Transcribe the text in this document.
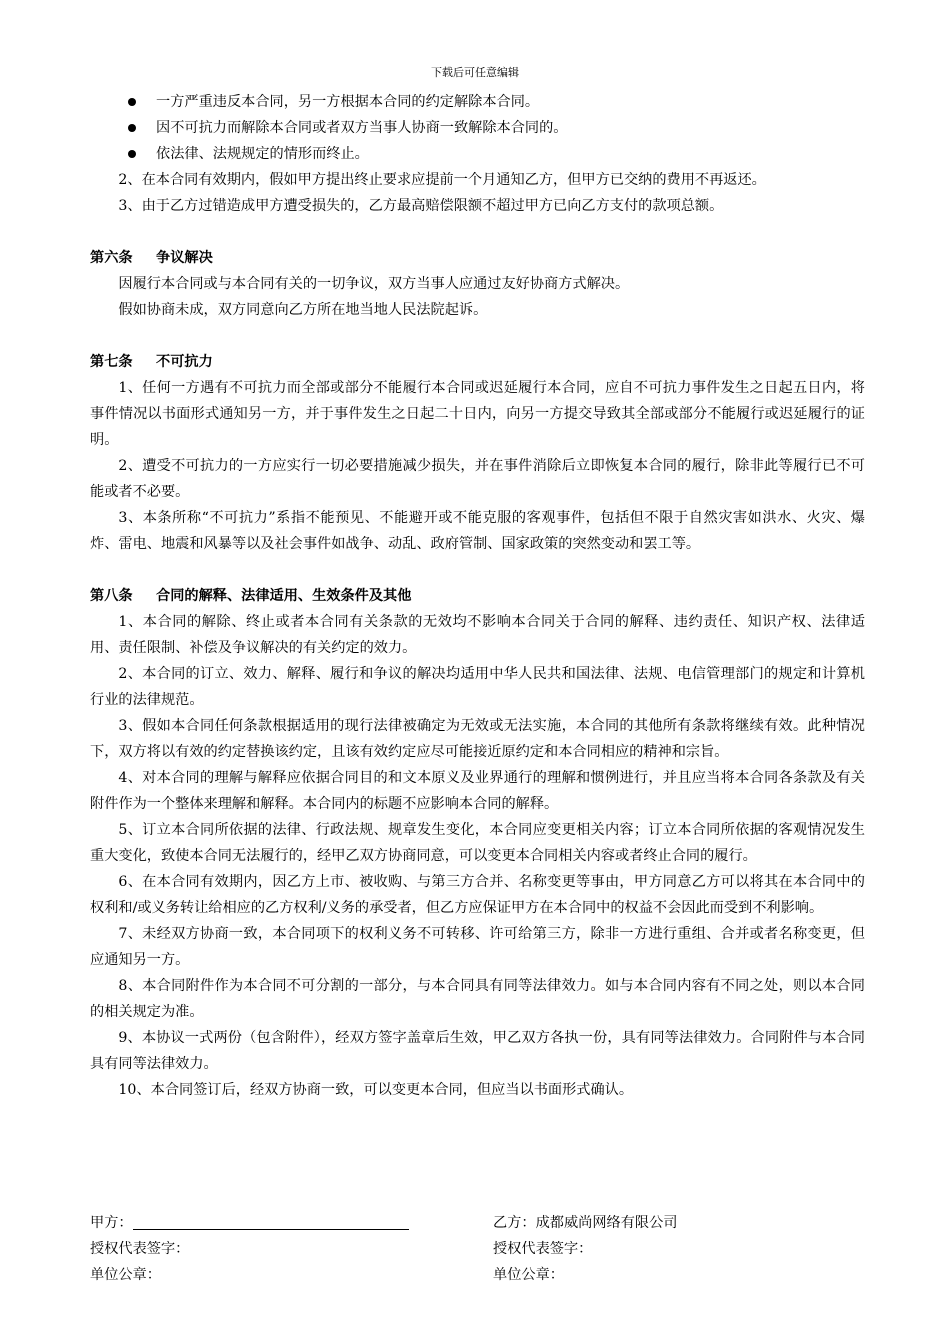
下载后可任意编辑
一方严重违反本合同，另一方根据本合同的约定解除本合同。
因不可抗力而解除本合同或者双方当事人协商一致解除本合同的。
依法律、法规规定的情形而终止。

2、在本合同有效期内，假如甲方提出终止要求应提前一个月通知乙方，但甲方已交纳的费用不再返还。

3、由于乙方过错造成甲方遭受损失的，乙方最高赔偿限额不超过甲方已向乙方支付的款项总额。

第六条 争议解决

因履行本合同或与本合同有关的一切争议，双方当事人应通过友好协商方式解决。

假如协商未成，双方同意向乙方所在地当地人民法院起诉。

第七条 不可抗力

1、任何一方遇有不可抗力而全部或部分不能履行本合同或迟延履行本合同，应自不可抗力事件发生之日起五日内，将事件情况以书面形式通知另一方，并于事件发生之日起二十日内，向另一方提交导致其全部或部分不能履行或迟延履行的证明。

2、遭受不可抗力的一方应实行一切必要措施减少损失，并在事件消除后立即恢复本合同的履行，除非此等履行已不可能或者不必要。

3、本条所称“不可抗力”系指不能预见、不能避开或不能克服的客观事件，包括但不限于自然灾害如洪水、火灾、爆炸、雷电、地震和风暴等以及社会事件如战争、动乱、政府管制、国家政策的突然变动和罢工等。

第八条 合同的解释、法律适用、生效条件及其他

1、本合同的解除、终止或者本合同有关条款的无效均不影响本合同关于合同的解释、违约责任、知识产权、法律适用、责任限制、补偿及争议解决的有关约定的效力。

2、本合同的订立、效力、解释、履行和争议的解决均适用中华人民共和国法律、法规、电信管理部门的规定和计算机行业的法律规范。

3、假如本合同任何条款根据适用的现行法律被确定为无效或无法实施，本合同的其他所有条款将继续有效。此种情况下，双方将以有效的约定替换该约定，且该有效约定应尽可能接近原约定和本合同相应的精神和宗旨。

4、对本合同的理解与解释应依据合同目的和文本原义及业界通行的理解和惯例进行，并且应当将本合同各条款及有关附件作为一个整体来理解和解释。本合同内的标题不应影响本合同的解释。

5、订立本合同所依据的法律、行政法规、规章发生变化，本合同应变更相关内容；订立本合同所依据的客观情况发生重大变化，致使本合同无法履行的，经甲乙双方协商同意，可以变更本合同相关内容或者终止合同的履行。

6、在本合同有效期内，因乙方上市、被收购、与第三方合并、名称变更等事由，甲方同意乙方可以将其在本合同中的权利和/或义务转让给相应的乙方权利/义务的承受者，但乙方应保证甲方在本合同中的权益不会因此而受到不利影响。

7、未经双方协商一致，本合同项下的权利义务不可转移、许可给第三方，除非一方进行重组、合并或者名称变更，但应通知另一方。

8、本合同附件作为本合同不可分割的一部分，与本合同具有同等法律效力。如与本合同内容有不同之处，则以本合同的相关规定为准。

9、本协议一式两份（包含附件），经双方签字盖章后生效，甲乙双方各执一份，具有同等法律效力。合同附件与本合同具有同等法律效力。

10、本合同签订后，经双方协商一致，可以变更本合同，但应当以书面形式确认。

甲方：	乙方：成都威尚网络有限公司
授权代表签字：	授权代表签字：
单位公章：	单位公章：
